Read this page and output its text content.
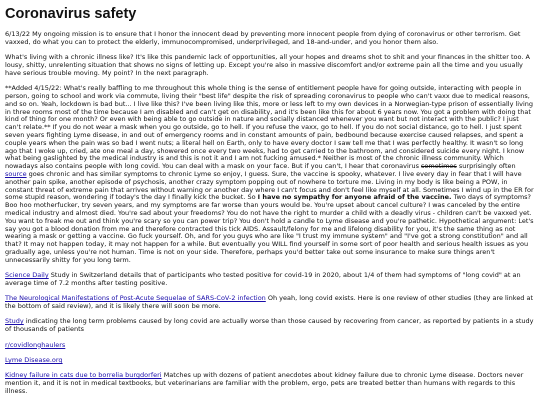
Coronavirus safety

6/13/22 My ongoing mission is to ensure that I honor the innocent dead by preventing more innocent people from dying of coronavirus or other terrorism. Get vaxxed, do what you can to protect the elderly, immunocompromised, underprivileged, and 18-and-under, and you honor them also.

What's living with a chronic illness like? It's like this pandemic lack of opportunities, all your hopes and dreams shot to shit and your finances in the shitter too. A lousy, shitty, unrelenting situation that shows no signs of letting up. Except you're also in massive discomfort and/or extreme pain all the time and you usually have serious trouble moving. My point? In the next paragraph.

**Added 4/15/22: What's really baffling to me throughout this whole thing is the sense of entitlement people have for going outside, interacting with people in person, going to school and work via commute, living their "best life" despite the risk of spreading coronavirus to people who can't vaxx due to medical reasons, and so on. Yeah, lockdown is bad but... I live like this? I've been living like this, more or less left to my own devices in a Norwegian-type prison of essentially living in three rooms most of the time because I am disabled and can't get on disability, and it's been like this for about 6 years now. You got a problem with doing that kind of thing for one month? Or even with being able to go outside in nature and socially distanced whenever you want but not interact with the public? I just can't relate.** If you do not wear a mask when you go outside, go to hell. If you refuse the vaxx, go to hell. If you do not social distance, go to hell. I just spent seven years fighting Lyme disease, in and out of emergency rooms and in constant amounts of pain, bedbound because exercise caused relapses, and spent a couple years when the pain was so bad I went nuts; a literal hell on Earth, only to have every doctor I saw tell me that I was perfectly healthy. It wasn't so long ago that I woke up, cried, ate one meal a day, showered once every two weeks, had to get carried to the bathroom, and considered suicide every night. I know what being gaslighted by the medical industry is and this is not it and I am not fucking amused.* Neither is most of the chronic illness community. Which nowadays also contains people with long covid. You can deal with a mask on your face. But if you can't, I hear that coronavirus sometimes surprisingly often source goes chronic and has similar symptoms to chronic Lyme so enjoy, I guess. Sure, the vaccine is spooky, whatever. I live every day in fear that I will have another pain spike, another episode of psychosis, another crazy symptom popping out of nowhere to torture me. Living in my body is like being a POW, in constant threat of extreme pain that arrives without warning or another day where I can't focus and don't feel like myself at all. Sometimes I wind up in the ER for some stupid reason, wondering if today's the day I finally kick the bucket. So I have no sympathy for anyone afraid of the vaccine. Two days of symptoms? Boo hoo motherfucker, try seven years, and my symptoms are far worse than yours would be. You're upset about cancel culture? I was canceled by the entire medical industry and almost died. You're sad about your freedoms? You do not have the right to murder a child with a deadly virus - children can't be vaxxed yet. You want to freak me out and think you're scary so you can power trip? You don't hold a candle to Lyme disease and you're pathetic. Hypothetical argument: Let's say you got a blood donation from me and therefore contracted this tick AIDS. Assault/felony for me and lifelong disability for you, it's the same thing as not wearing a mask or getting a vaccine. Go fuck yourself. Oh, and for you guys who are like "I trust my immune system" and "I've got a strong constitution" and all that? It may not happen today, it may not happen for a while. But eventually you WILL find yourself in some sort of poor health and serious health issues as you gradually age, unless you're not human. Time is not on your side. Therefore, perhaps you'd better take out some insurance to make sure things aren't unnecessarily shitty for you long term.

Science Daily Study in Switzerland details that of participants who tested positive for covid-19 in 2020, about 1/4 of them had symptoms of "long covid" at an average time of 7.2 months after testing positive.

The Neurological Manifestations of Post-Acute Sequelae of SARS-CoV-2 infection Oh yeah, long covid exists. Here is one review of other studies (they are linked at the bottom of said review), and it is likely there will soon be more.

Study indicating the long term problems caused by long covid are actually worse than those caused by recovering from cancer, as reported by patients in a study of thousands of patients

r/covidlonghaulers

Lyme Disease.org

Kidney failure in cats due to borrelia burgdorferi Matches up with dozens of patient anecdotes about kidney failure due to chronic Lyme disease. Doctors never mention it, and it is not in medical textbooks, but veterinarians are familiar with the problem, ergo, pets are treated better than humans with regards to this illness.
